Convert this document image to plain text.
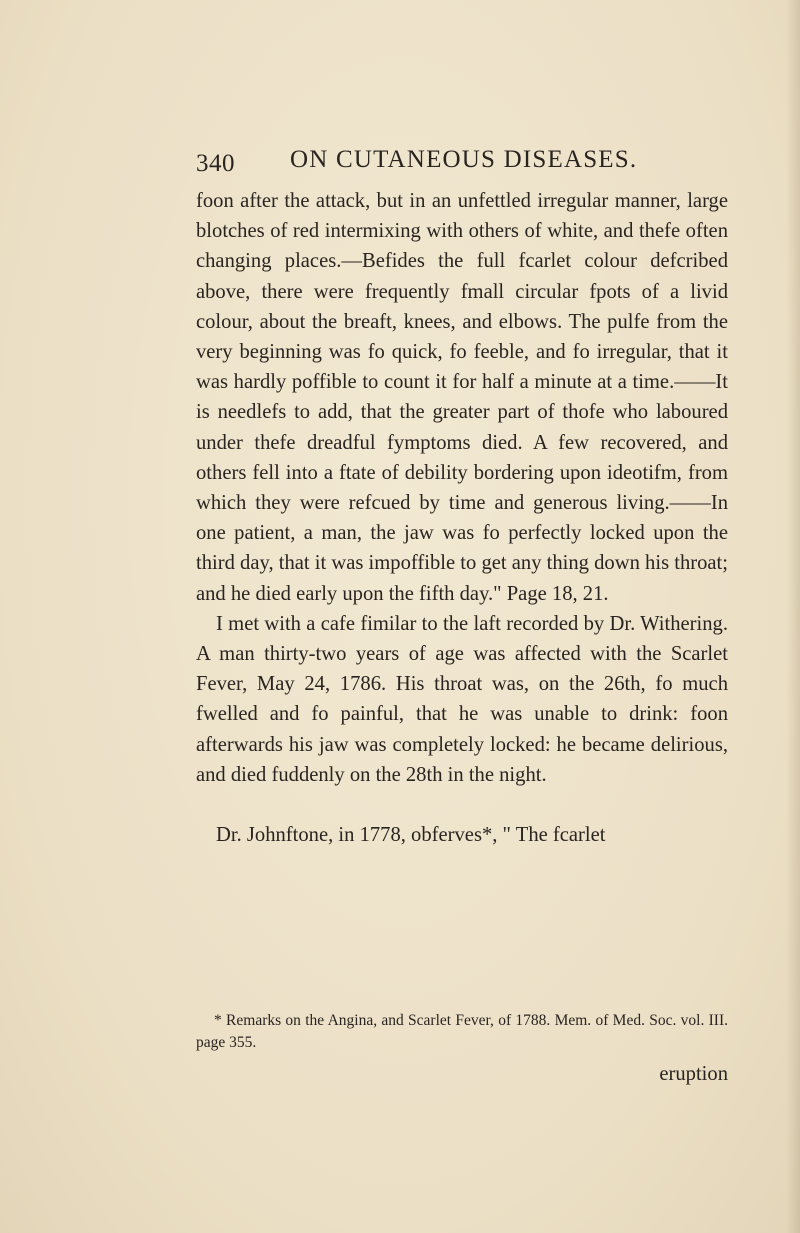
340 ON CUTANEOUS DISEASES.

foon after the attack, but in an unfettled irregular manner, large blotches of red intermixing with others of white, and thefe often changing places.—Befides the full fcarlet colour defcribed above, there were frequently fmall circular fpots of a livid colour, about the breaft, knees, and elbows. The pulfe from the very beginning was fo quick, fo feeble, and fo irregular, that it was hardly poffible to count it for half a minute at a time.——It is needlefs to add, that the greater part of thofe who laboured under thefe dreadful fymptoms died. A few recovered, and others fell into a ftate of debility bordering upon ideotifm, from which they were refcued by time and generous living.——In one patient, a man, the jaw was fo perfectly locked upon the third day, that it was impoffible to get any thing down his throat; and he died early upon the fifth day." Page 18, 21.

I met with a cafe fimilar to the laft recorded by Dr. Withering. A man thirty-two years of age was affected with the Scarlet Fever, May 24, 1786. His throat was, on the 26th, fo much fwelled and fo painful, that he was unable to drink: foon afterwards his jaw was completely locked: he became delirious, and died fuddenly on the 28th in the night.

Dr. Johnftone, in 1778, obferves*, " The fcarlet

* Remarks on the Angina, and Scarlet Fever, of 1788. Mem. of Med. Soc. vol. III. page 355.
eruption
